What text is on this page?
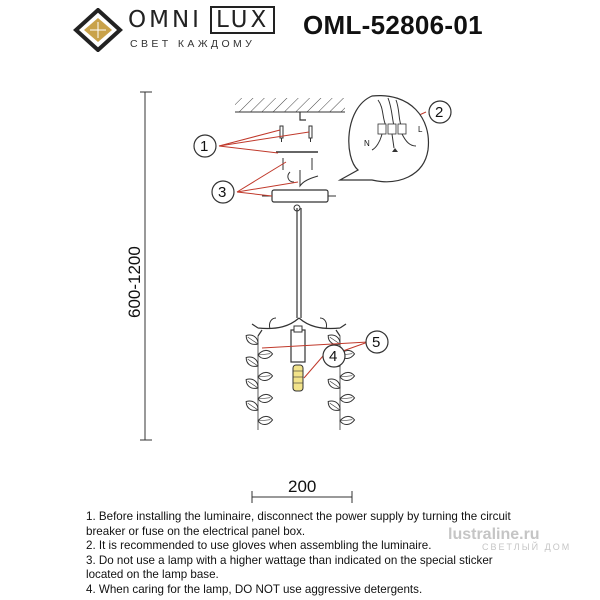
OMNI LUX
СВЕТ КАЖДОМУ
OML-52806-01
600-1200
1
2
3
4
5
N
L
200

1. Before installing the luminaire, disconnect the power supply by turning the circuit breaker or fuse on the electrical panel box.

2. It is recommended to use gloves when assembling the luminaire.

3. Do not use a lamp with a higher wattage than indicated on the special sticker located on the lamp base.

4. When caring for the lamp, DO NOT use aggressive detergents.

lustraline.ru
СВЕТЛЫЙ ДОМ
